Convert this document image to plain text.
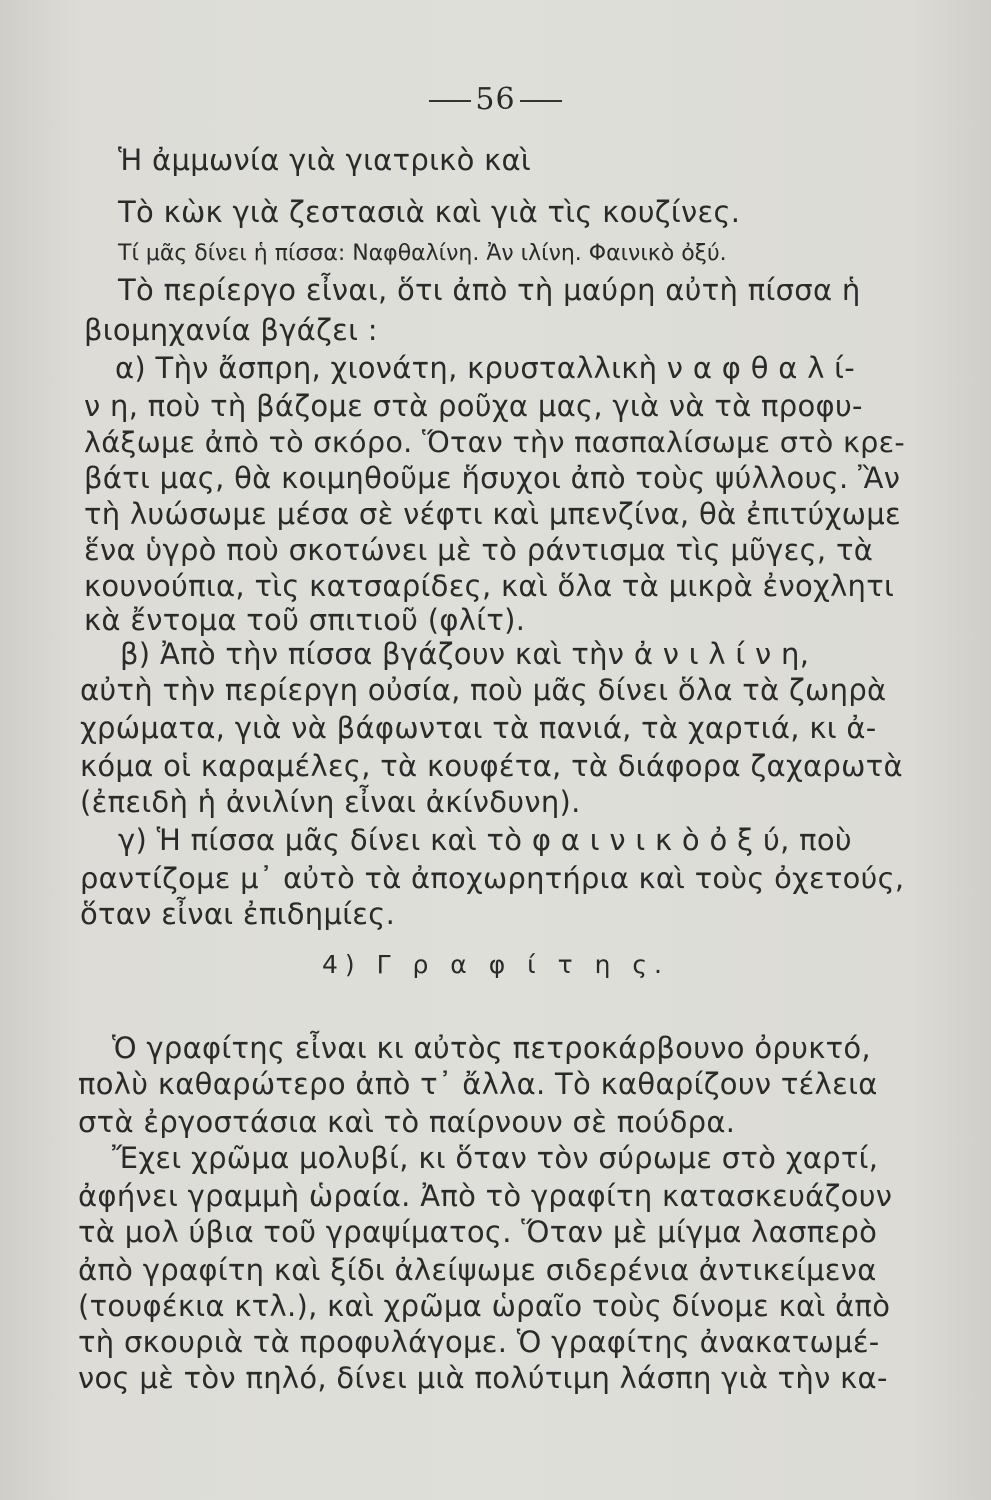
56
Ἡ ἀμμωνία γιὰ γιατρικὸ καὶ
Τὸ κὼκ γιὰ ζεστασιὰ καὶ γιὰ τὶς κουζίνες.
Τί μᾶς δίνει ἡ πίσσα: Ναφθαλίνη. Ἀν ιλίνη. Φαινικὸ ὀξύ.
Τὸ περίεργο εἶναι, ὅτι ἀπὸ τὴ μαύρη αὐτὴ πίσσα ἡ
βιομηχανία βγάζει :
α) Τὴν ἄσπρη, χιονάτη, κρυσταλλικὴ ν α φ θ α λ ί-
ν η, ποὺ τὴ βάζομε στὰ ροῦχα μας, γιὰ νὰ τὰ προφυ-
λάξωμε ἀπὸ τὸ σκόρο. Ὅταν τὴν πασπαλίσωμε στὸ κρε-
βάτι μας, θὰ κοιμηθοῦμε ἥσυχοι ἀπὸ τοὺς ψύλλους. Ἂν
τὴ λυώσωμε μέσα σὲ νέφτι καὶ μπενζίνα, θὰ ἐπιτύχωμε
ἕνα ὑγρὸ ποὺ σκοτώνει μὲ τὸ ράντισμα τὶς μῦγες, τὰ
κουνούπια, τὶς κατσαρίδες, καὶ ὅλα τὰ μικρὰ ἐνοχλητι
κὰ ἔντομα τοῦ σπιτιοῦ (φλίτ).
β) Ἀπὸ τὴν πίσσα βγάζουν καὶ τὴν ἀ ν ι λ ί ν η,
αὐτὴ τὴν περίεργη οὐσία, ποὺ μᾶς δίνει ὅλα τὰ ζωηρὰ
χρώματα, γιὰ νὰ βάφωνται τὰ πανιά, τὰ χαρτιά, κι ἀ-
κόμα οἱ καραμέλες, τὰ κουφέτα, τὰ διάφορα ζαχαρωτὰ
(ἐπειδὴ ἡ ἀνιλίνη εἶναι ἀκίνδυνη).
γ) Ἡ πίσσα μᾶς δίνει καὶ τὸ φ α ι ν ι κ ὸ ὀ ξ ύ, ποὺ
ραντίζομε μ᾽ αὐτὸ τὰ ἀποχωρητήρια καὶ τοὺς ὀχετούς,
ὅταν εἶναι ἐπιδημίες.
4) Γ ρ α φ ί τ η ς.
Ὁ γραφίτης εἶναι κι αὐτὸς πετροκάρβουνο ὀρυκτό,
πολὺ καθαρώτερο ἀπὸ τ᾽ ἄλλα. Τὸ καθαρίζουν τέλεια
στὰ ἐργοστάσια καὶ τὸ παίρνουν σὲ πούδρα.
Ἔχει χρῶμα μολυβί, κι ὅταν τὸν σύρωμε στὸ χαρτί,
ἀφήνει γραμμὴ ὡραία. Ἀπὸ τὸ γραφίτη κατασκευάζουν
τὰ μολ ύβια τοῦ γραψίματος. Ὅταν μὲ μίγμα λασπερὸ
ἀπὸ γραφίτη καὶ ξίδι ἀλείψωμε σιδερένια ἀντικείμενα
(τουφέκια κτλ.), καὶ χρῶμα ὡραῖο τοὺς δίνομε καὶ ἀπὸ
τὴ σκουριὰ τὰ προφυλάγομε. Ὁ γραφίτης ἀνακατωμέ-
νος μὲ τὸν πηλό, δίνει μιὰ πολύτιμη λάσπη γιὰ τὴν κα-
